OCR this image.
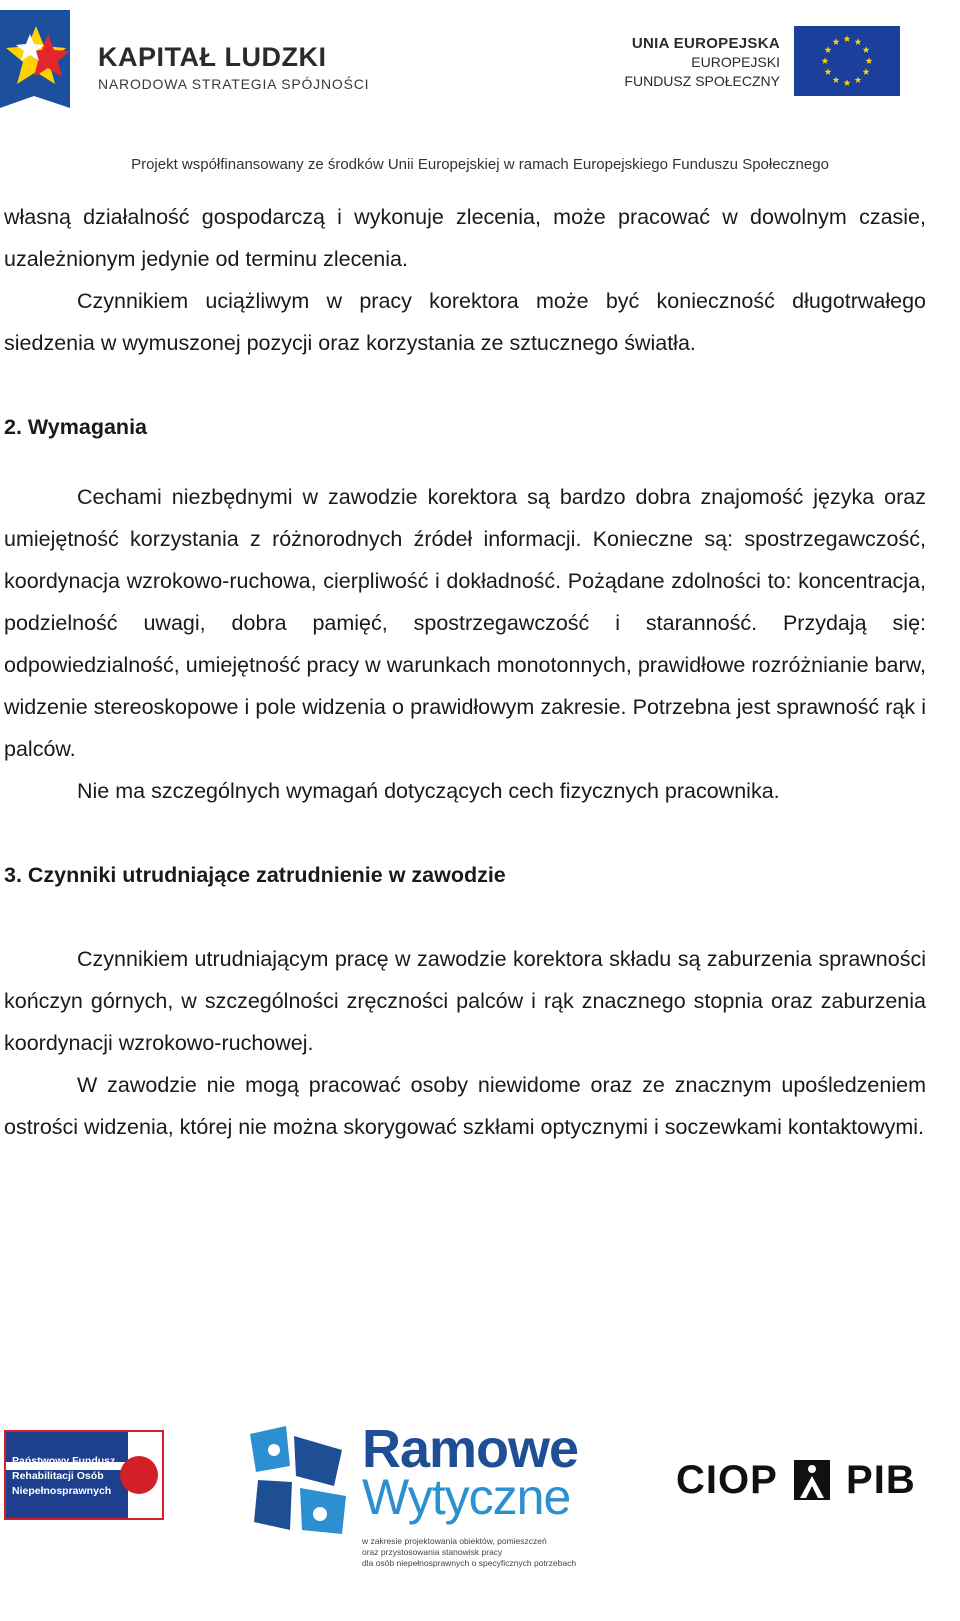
KAPITAŁ LUDZKI
NARODOWA STRATEGIA SPÓJNOŚCI
UNIA EUROPEJSKA
EUROPEJSKI
FUNDUSZ SPOŁECZNY
Projekt współfinansowany ze środków Unii Europejskiej w ramach Europejskiego Funduszu Społecznego

własną działalność gospodarczą i wykonuje zlecenia, może pracować w dowolnym czasie, uzależnionym jedynie od terminu zlecenia.

Czynnikiem uciążliwym w pracy korektora może być konieczność długotrwałego siedzenia w wymuszonej pozycji oraz korzystania ze sztucznego światła.

2. Wymagania

Cechami niezbędnymi w zawodzie korektora są bardzo dobra znajomość języka oraz umiejętność korzystania z różnorodnych źródeł informacji. Konieczne są: spostrzegawczość, koordynacja wzrokowo-ruchowa, cierpliwość i dokładność. Pożądane zdolności to: koncentracja, podzielność uwagi, dobra pamięć, spostrzegawczość i staranność. Przydają się: odpowiedzialność, umiejętność pracy w warunkach monotonnych, prawidłowe rozróżnianie barw, widzenie stereoskopowe i pole widzenia o prawidłowym zakresie. Potrzebna jest sprawność rąk i palców.

Nie ma szczególnych wymagań dotyczących cech fizycznych pracownika.

3. Czynniki utrudniające zatrudnienie w zawodzie

Czynnikiem utrudniającym pracę w zawodzie korektora składu są zaburzenia sprawności kończyn górnych, w szczególności zręczności palców i rąk znacznego stopnia oraz zaburzenia koordynacji wzrokowo-ruchowej.

W zawodzie nie mogą pracować osoby niewidome oraz ze znacznym upośledzeniem ostrości widzenia, której nie można skorygować szkłami optycznymi i soczewkami kontaktowymi.

Państwowy Fundusz
Rehabilitacji Osób
Niepełnosprawnych
Ramowe
Wytyczne
w zakresie projektowania obiektów, pomieszczeń
oraz przystosowania stanowisk pracy
dla osób niepełnosprawnych o specyficznych potrzebach
CIOP PIB
